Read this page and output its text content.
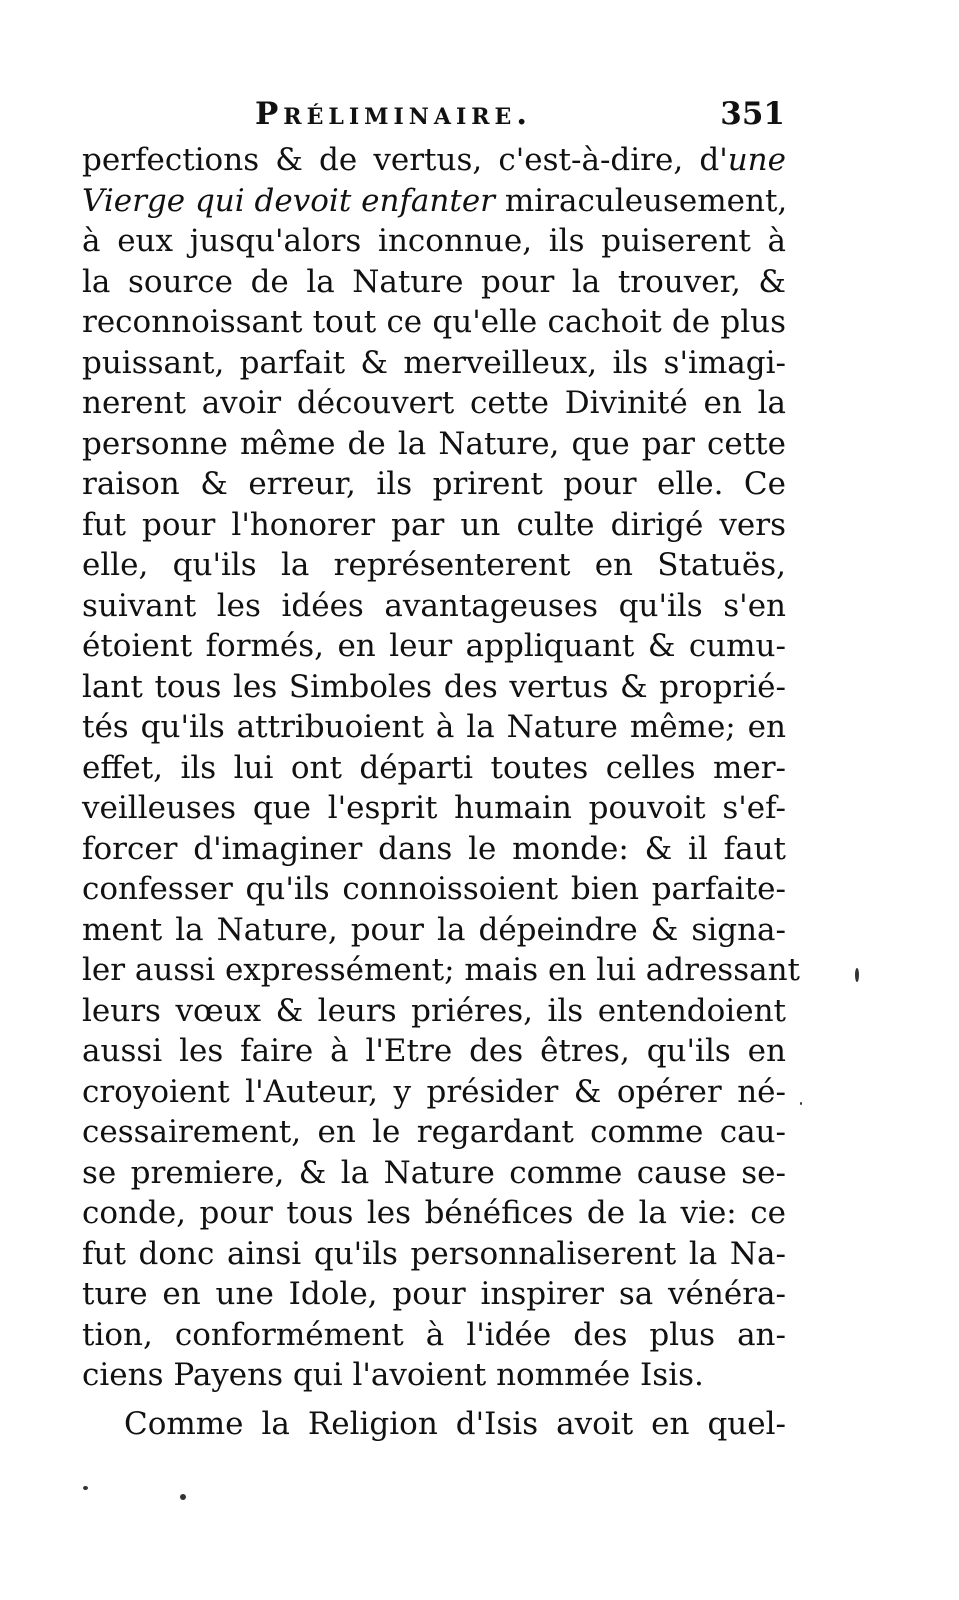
Préliminaire.	351
perfections & de vertus, c'est-à-dire, d'une
Vierge qui devoit enfanter miraculeusement,
à eux jusqu'alors inconnue, ils puiserent à
la source de la Nature pour la trouver, &
reconnoissant tout ce qu'elle cachoit de plus
puissant, parfait & merveilleux, ils s'imagi-
nerent avoir découvert cette Divinité en la
personne même de la Nature, que par cette
raison & erreur, ils prirent pour elle. Ce
fut pour l'honorer par un culte dirigé vers
elle, qu'ils la représenterent en Statuës,
suivant les idées avantageuses qu'ils s'en
étoient formés, en leur appliquant & cumu-
lant tous les Simboles des vertus & proprié-
tés qu'ils attribuoient à la Nature même; en
effet, ils lui ont départi toutes celles mer-
veilleuses que l'esprit humain pouvoit s'ef-
forcer d'imaginer dans le monde: & il faut
confesser qu'ils connoissoient bien parfaite-
ment la Nature, pour la dépeindre & signa-
ler aussi expressément; mais en lui adressant
leurs vœux & leurs priéres, ils entendoient
aussi les faire à l'Etre des êtres, qu'ils en
croyoient l'Auteur, y présider & opérer né-
cessairement, en le regardant comme cau-
se premiere, & la Nature comme cause se-
conde, pour tous les bénéfices de la vie: ce
fut donc ainsi qu'ils personnaliserent la Na-
ture en une Idole, pour inspirer sa vénéra-
tion, conformément à l'idée des plus an-
ciens Payens qui l'avoient nommée Isis.
Comme la Religion d'Isis avoit en quel-
